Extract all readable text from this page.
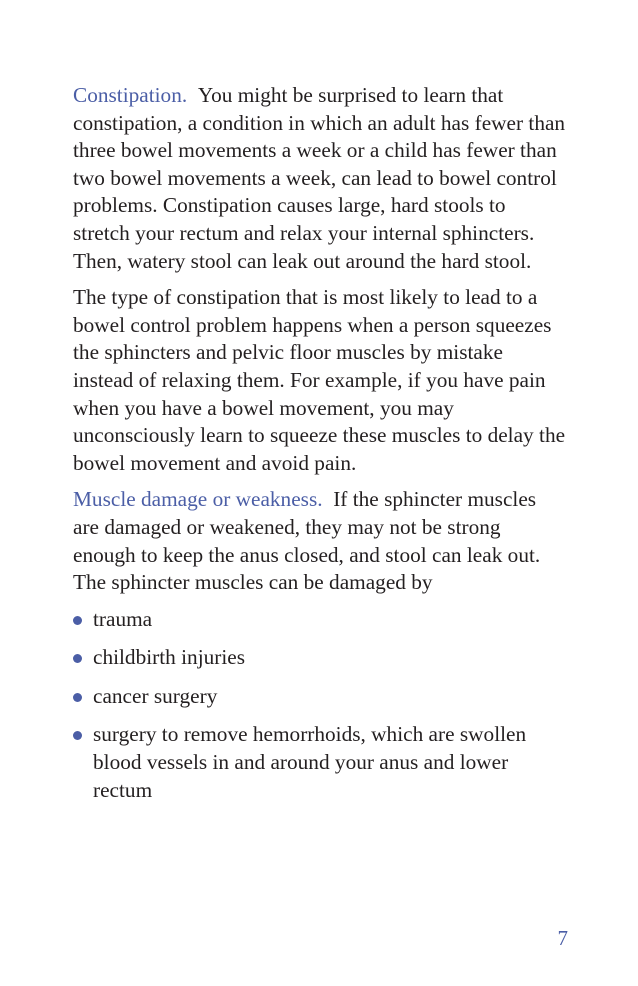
Constipation. You might be surprised to learn that constipation, a condition in which an adult has fewer than three bowel movements a week or a child has fewer than two bowel movements a week, can lead to bowel control problems. Constipation causes large, hard stools to stretch your rectum and relax your internal sphincters. Then, watery stool can leak out around the hard stool.

The type of constipation that is most likely to lead to a bowel control problem happens when a person squeezes the sphincters and pelvic floor muscles by mistake instead of relaxing them. For example, if you have pain when you have a bowel movement, you may unconsciously learn to squeeze these muscles to delay the bowel movement and avoid pain.

Muscle damage or weakness. If the sphincter muscles are damaged or weakened, they may not be strong enough to keep the anus closed, and stool can leak out. The sphincter muscles can be damaged by

trauma
childbirth injuries
cancer surgery
surgery to remove hemorrhoids, which are swollen blood vessels in and around your anus and lower rectum
7
